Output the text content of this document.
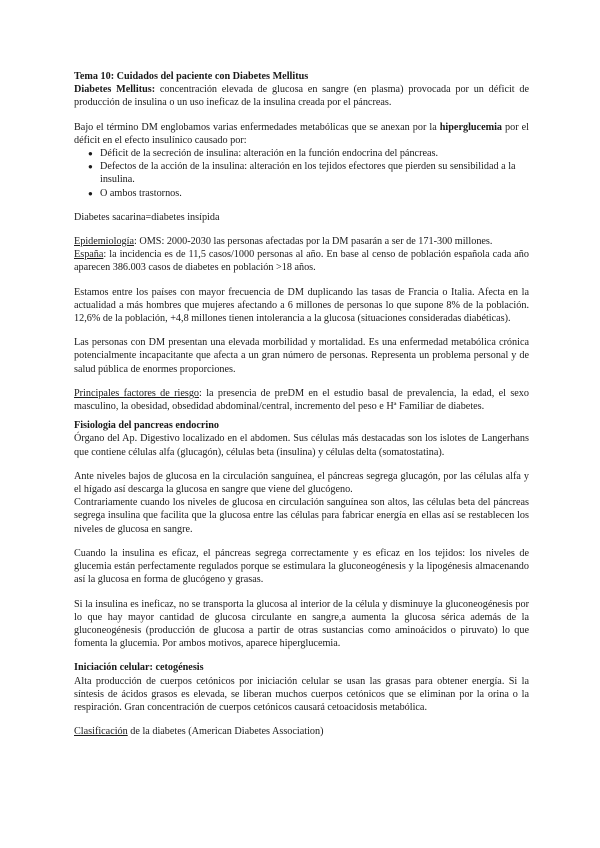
Tema 10: Cuidados del paciente con Diabetes Mellitus

Diabetes Mellitus: concentración elevada de glucosa en sangre (en plasma) provocada por un déficit de producción de insulina o un uso ineficaz de la insulina creada por el páncreas.

Bajo el término DM englobamos varias enfermedades metabólicas que se anexan por la hiperglucemia por el déficit en el efecto insulínico causado por:

● Déficit de la secreción de insulina: alteración en la función endocrina del páncreas.
● Defectos de la acción de la insulina: alteración en los tejidos efectores que pierden su sensibilidad a la insulina.
● O ambos trastornos.

Diabetes sacarina=diabetes insípida

Epidemiología: OMS: 2000-2030 las personas afectadas por la DM pasarán a ser de 171-300 millones.

España: la incidencia es de 11,5 casos/1000 personas al año. En base al censo de población española cada año aparecen 386.003 casos de diabetes en población >18 años.

Estamos entre los países con mayor frecuencia de DM duplicando las tasas de Francia o Italia. Afecta en la actualidad a más hombres que mujeres afectando a 6 millones de personas lo que supone 8% de la población. 12,6% de la población, +4,8 millones tienen intolerancia a la glucosa (situaciones consideradas diabéticas).

Las personas con DM presentan una elevada morbilidad y mortalidad. Es una enfermedad metabólica crónica potencialmente incapacitante que afecta a un gran número de personas. Representa un problema personal y de salud pública de enormes proporciones.

Principales factores de riesgo: la presencia de preDM en el estudio basal de prevalencia, la edad, el sexo masculino, la obesidad, obsedidad abdominal/central, incremento del peso e Hª Familiar de diabetes.

Fisiologia del pancreas endocrino

Órgano del Ap. Digestivo localizado en el abdomen. Sus células más destacadas son los islotes de Langerhans que contiene células alfa (glucagón), células beta (insulina) y células delta (somatostatina).

Ante niveles bajos de glucosa en la circulación sanguínea, el páncreas segrega glucagón, por las células alfa y el hígado así descarga la glucosa en sangre que viene del glucógeno.

Contrariamente cuando los niveles de glucosa en circulación sanguínea son altos, las células beta del páncreas segrega insulina que facilita que la glucosa entre las células para fabricar energía en ellas así se restablecen los niveles de glucosa en sangre.

Cuando la insulina es eficaz, el páncreas segrega correctamente y es eficaz en los tejidos: los niveles de glucemia están perfectamente regulados porque se estimulara la gluconeogénesis y la lipogénesis almacenando así la glucosa en forma de glucógeno y grasas.

Si la insulina es ineficaz, no se transporta la glucosa al interior de la célula y disminuye la gluconeogénesis por lo que hay mayor cantidad de glucosa circulante en sangre,a aumenta la glucosa sérica además de la gluconeogénesis (producción de glucosa a partir de otras sustancias como aminoácidos o piruvato) lo que fomenta la glucemia. Por ambos motivos, aparece hiperglucemia.

Iniciación celular: cetogénesis

Alta producción de cuerpos cetónicos por iniciación celular se usan las grasas para obtener energía. Si la síntesis de ácidos grasos es elevada, se liberan muchos cuerpos cetónicos que se eliminan por la orina o la respiración. Gran concentración de cuerpos cetónicos causará cetoacidosis metabólica.

Clasificación de la diabetes (American Diabetes Association)
